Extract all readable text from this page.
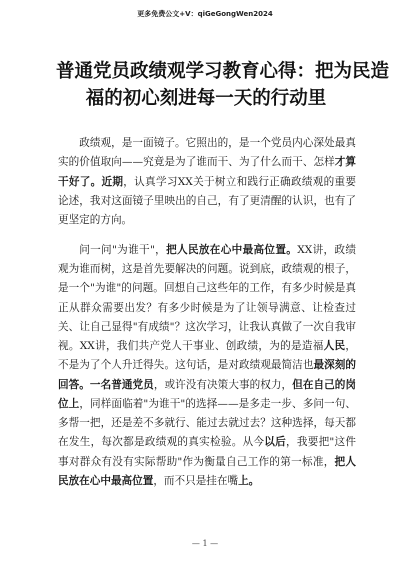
更多免费公文+V：qiGeGongWen2024
普通党员政绩观学习教育心得：把为民造
福的初心刻进每一天的行动里

政绩观，是一面镜子。它照出的，是一个党员内心深处最真实的价值取向——究竟是为了谁而干、为了什么而干、怎样才算干好了。近期，认真学习XX关于树立和践行正确政绩观的重要论述，我对这面镜子里映出的自己，有了更清醒的认识，也有了更坚定的方向。

问一问"为谁干"，把人民放在心中最高位置。XX讲，政绩观为谁而树，这是首先要解决的问题。说到底，政绩观的根子，是一个"为谁"的问题。回想自己这些年的工作，有多少时候是真正从群众需要出发？有多少时候是为了让领导满意、让检查过关、让自己显得"有成绩"？这次学习，让我认真做了一次自我审视。XX讲，我们共产党人干事业、创政绩，为的是造福人民，不是为了个人升迁得失。这句话，是对政绩观最简洁也最深刻的回答。一名普通党员，或许没有决策大事的权力，但在自己的岗位上，同样面临着"为谁干"的选择——是多走一步、多问一句、多帮一把，还是差不多就行、能过去就过去？这种选择，每天都在发生，每次都是政绩观的真实检验。从今以后，我要把"这件事对群众有没有实际帮助"作为衡量自己工作的第一标准，把人民放在心中最高位置，而不只是挂在嘴上。

— 1 —
